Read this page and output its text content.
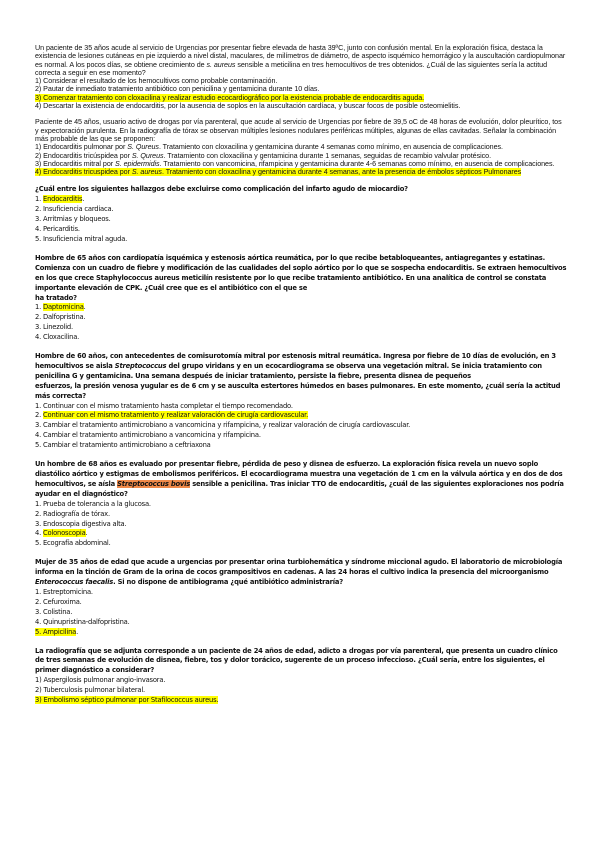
Un paciente de 35 años acude al servicio de Urgencias por presentar fiebre elevada de hasta 39ºC, junto con confusión mental. En la exploración física, destaca la existencia de lesiones cutáneas en pie izquierdo a nivel distal, maculares, de milímetros de diámetro, de aspecto isquémico hemorrágico y la auscultación cardiopulmonar es normal. A los pocos días, se obtiene crecimiento de s. aureus sensible a meticilina en tres hemocultivos de tres obtenidos. ¿Cuál de las siguientes sería la actitud correcta a seguir en ese momento?

1) Considerar el resultado de los hemocultivos como probable contaminación.
2) Pautar de inmediato tratamiento antibiótico con penicilina y gentamicina durante 10 días.
3) Comenzar tratamiento con cloxacilina y realizar estudio ecocardiográfico por la existencia probable de endocarditis aguda.
4) Descartar la existencia de endocarditis, por la ausencia de soplos en la auscultación cardíaca, y buscar focos de posible osteomielitis.

Paciente de 45 años, usuario activo de drogas por vía parenteral, que acude al servicio de Urgencias por fiebre de 39,5 oC de 48 horas de evolución, dolor pleurítico, tos y expectoración purulenta. En la radiografía de tórax se observan múltiples lesiones nodulares periféricas múltiples, algunas de ellas cavitadas. Señalar la combinación más probable de las que se proponen:

1) Endocarditis pulmonar por S. Qureus. Tratamiento con cloxacilina y gentamicina durante 4 semanas como mínimo, en ausencia de complicaciones.
2) Endocarditis tricúspidea por S. Qureus. Tratamiento con cloxacilina y gentamicina durante 1 semanas, seguidas de recambio valvular protésico.
3) Endocarditis mitral por S. epidermidis. Tratamiento con vancomicina, rifampicina y gentamicina durante 4-6 semanas como mínimo, en ausencia de complicaciones.
4) Endocarditis tricuspidea por S. aureus. Tratamiento con cloxacilina y gentamicina durante 4 semanas, ante la presencia de émbolos sépticos Pulmonares

¿Cuál entre los siguientes hallazgos debe excluirse como complicación del infarto agudo de miocardio?

1. Endocarditis.
2. Insuficiencia cardiaca.
3. Arritmias y bloqueos.
4. Pericarditis.
5. Insuficiencia mitral aguda.

Hombre de 65 años con cardiopatía isquémica y estenosis aórtica reumática, por lo que recibe betabloqueantes, antiagregantes y estatinas. Comienza con un cuadro de fiebre y modificación de las cualidades del soplo aórtico por lo que se sospecha endocarditis. Se extraen hemocultivos en los que crece Staphylococcus aureus meticilín resistente por lo que recibe tratamiento antibiótico. En una analítica de control se constata importante elevación de CPK. ¿Cuál cree que es el antibiótico con el que se

ha tratado?

1. Daptomicina.
2. Dalfopristina.
3. Linezolid.
4. Cloxacilina.

Hombre de 60 años, con antecedentes de comisurotomía mitral por estenosis mitral reumática. Ingresa por fiebre de 10 días de evolución, en 3 hemocultivos se aisla Streptococcus del grupo viridans y en un ecocardiograma se observa una vegetación mitral. Se inicia tratamiento con penicilina G y gentamicina. Una semana después de iniciar tratamiento, persiste la fiebre, presenta disnea de pequeños

esfuerzos, la presión venosa yugular es de 6 cm y se ausculta estertores húmedos en bases pulmonares. En este momento, ¿cuál sería la actitud más correcta?

1. Continuar con el mismo tratamiento hasta completar el tiempo recomendado.
2. Continuar con el mismo tratamiento y realizar valoración de cirugía cardiovascular.
3. Cambiar el tratamiento antimicrobiano a vancomicina y rifampicina, y realizar valoración de cirugía cardiovascular.
4. Cambiar el tratamiento antimicrobiano a vancomicina y rifampicina.
5. Cambiar el tratamiento antimicrobiano a ceftriaxona

Un hombre de 68 años es evaluado por presentar fiebre, pérdida de peso y disnea de esfuerzo. La exploración física revela un nuevo soplo diastólico aórtico y estigmas de embolismos periféricos. El ecocardiograma muestra una vegetación de 1 cm en la válvula aórtica y en dos de dos hemocultivos, se aísla Streptococcus bovis sensible a penicilina. Tras iniciar TTO de endocarditis, ¿cuál de las siguientes exploraciones nos podría ayudar en el diagnóstico?

1. Prueba de tolerancia a la glucosa.
2. Radiografía de tórax.
3. Endoscopia digestiva alta.
4. Colonoscopia.
5. Ecografía abdominal.

Mujer de 35 años de edad que acude a urgencias por presentar orina turbiohemática y síndrome miccional agudo. El laboratorio de microbiología informa en la tinción de Gram de la orina de cocos grampositivos en cadenas. A las 24 horas el cultivo indica la presencia del microorganismo Enterococcus faecalis. Si no dispone de antibiograma ¿qué antibiótico administraría?

1. Estreptomicina.
2. Cefuroxima.
3. Colistina.
4. Quinupristina-dalfopristina.
5. Ampicilina.

La radiografía que se adjunta corresponde a un paciente de 24 años de edad, adicto a drogas por vía parenteral, que presenta un cuadro clínico de tres semanas de evolución de disnea, fiebre, tos y dolor torácico, sugerente de un proceso infeccioso. ¿Cuál sería, entre los siguientes, el primer diagnóstico a considerar?

1) Aspergilosis pulmonar angio-invasora.
2) Tuberculosis pulmonar bilateral.
3) Embolismo séptico pulmonar por Stafilococcus aureus.
